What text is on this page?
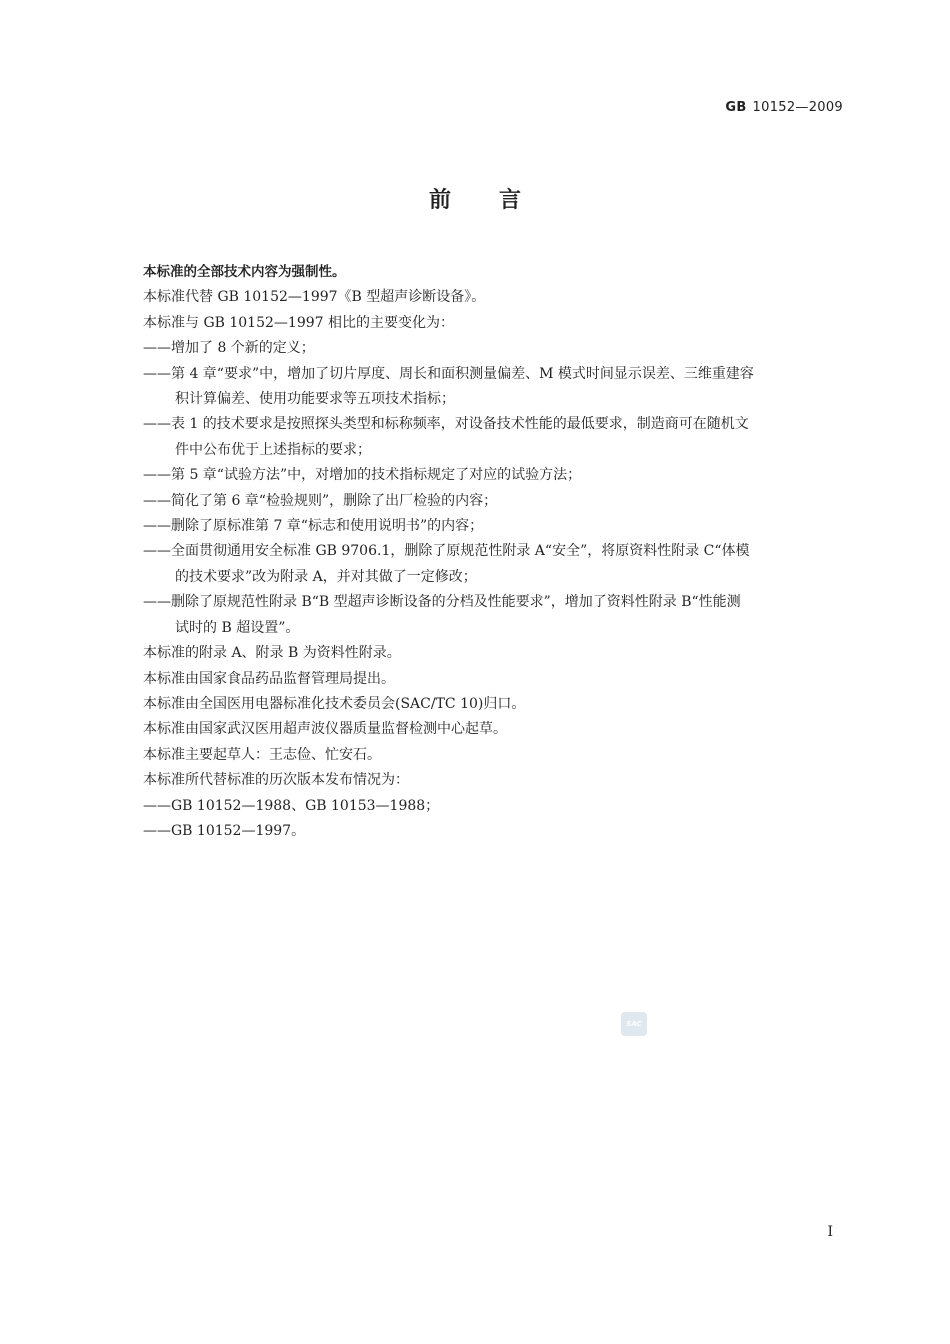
GB 10152—2009
前言

本标准的全部技术内容为强制性。

本标准代替 GB 10152—1997《B 型超声诊断设备》。

本标准与 GB 10152—1997 相比的主要变化为：

——增加了 8 个新的定义；

——第 4 章“要求”中，增加了切片厚度、周长和面积测量偏差、M 模式时间显示误差、三维重建容
积计算偏差、使用功能要求等五项技术指标；

——表 1 的技术要求是按照探头类型和标称频率，对设备技术性能的最低要求，制造商可在随机文
件中公布优于上述指标的要求；

——第 5 章“试验方法”中，对增加的技术指标规定了对应的试验方法；

——简化了第 6 章“检验规则”，删除了出厂检验的内容；

——删除了原标准第 7 章“标志和使用说明书”的内容；

——全面贯彻通用安全标准 GB 9706.1，删除了原规范性附录 A“安全”，将原资料性附录 C“体模
的技术要求”改为附录 A，并对其做了一定修改；

——删除了原规范性附录 B“B 型超声诊断设备的分档及性能要求”，增加了资料性附录 B“性能测
试时的 B 超设置”。

本标准的附录 A、附录 B 为资料性附录。

本标准由国家食品药品监督管理局提出。

本标准由全国医用电器标准化技术委员会(SAC/TC 10)归口。

本标准由国家武汉医用超声波仪器质量监督检测中心起草。

本标准主要起草人：王志俭、忙安石。

本标准所代替标准的历次版本发布情况为：

——GB 10152—1988、GB 10153—1988；

——GB 10152—1997。

SAC
I
